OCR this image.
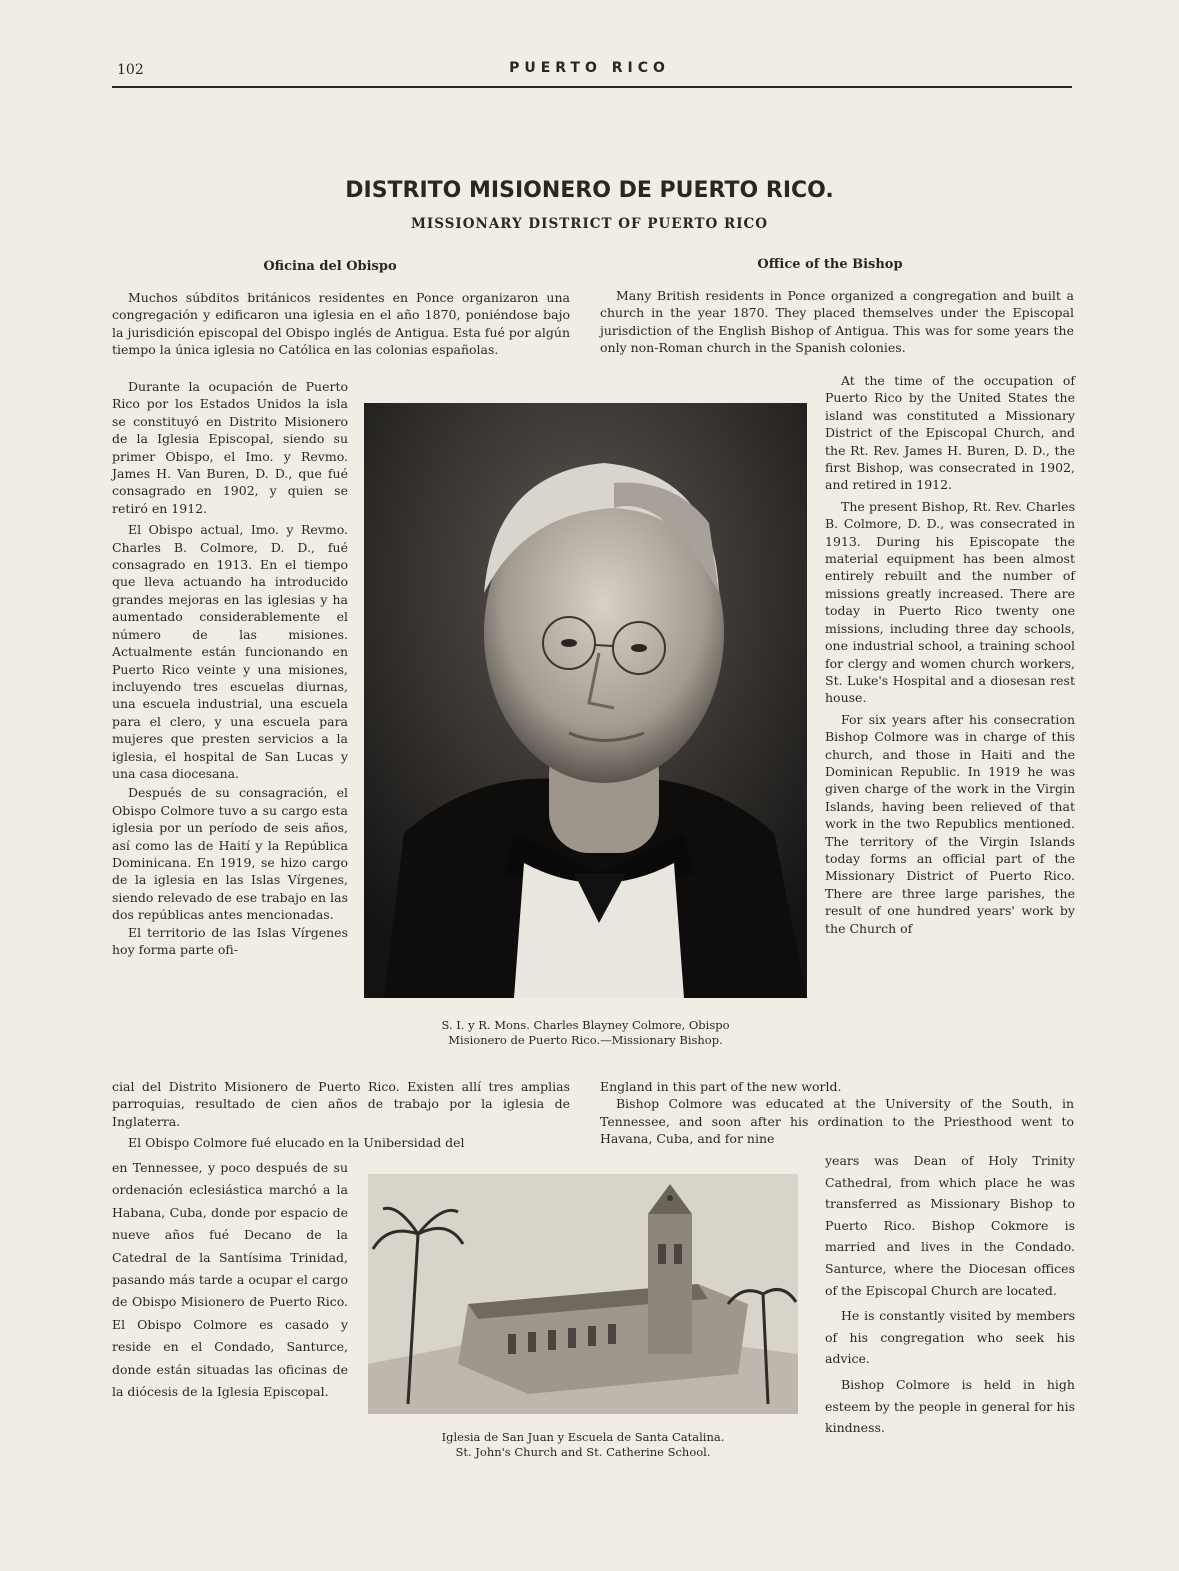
102	PUERTO RICO
DISTRITO MISIONERO DE PUERTO RICO.
MISSIONARY DISTRICT OF PUERTO RICO
Oficina del Obispo	Office of the Bishop

Muchos súbditos británicos residentes en Ponce organizaron una congregación y edificaron una iglesia en el año 1870, poniéndose bajo la jurisdición episcopal del Obispo inglés de Antigua. Esta fué por algún tiempo la única iglesia no Católica en las colonias españolas.

Durante la ocupación de Puerto Rico por los Estados Unidos la isla se constituyó en Distrito Misionero de la Iglesia Episcopal, siendo su primer Obispo, el Imo. y Revmo. James H. Van Buren, D. D., que fué consagrado en 1902, y quien se retiró en 1912.

El Obispo actual, Imo. y Revmo. Charles B. Colmore, D. D., fué consagrado en 1913. En el tiempo que lleva actuando ha introducido grandes mejoras en las iglesias y ha aumentado considerablemente el número de las misiones. Actualmente están funcionando en Puerto Rico veinte y una misiones, incluyendo tres escuelas diurnas, una escuela industrial, una escuela para el clero, y una escuela para mujeres que presten servicios a la iglesia, el hospital de San Lucas y una casa diocesana.

Después de su consagración, el Obispo Colmore tuvo a su cargo esta iglesia por un período de seis años, así como las de Haití y la República Dominicana. En 1919, se hizo cargo de la iglesia en las Islas Vírgenes, siendo relevado de ese trabajo en las dos repúblicas antes mencionadas.

El territorio de las Islas Vírgenes hoy forma parte ofi-

cial del Distrito Misionero de Puerto Rico. Existen allí tres amplias parroquias, resultado de cien años de trabajo por la iglesia de Inglaterra.

El Obispo Colmore fué elucado en la Unibersidad del

en Tennessee, y poco después de su ordenación eclesiástica marchó a la Habana, Cuba, donde por espacio de nueve años fué Decano de la Catedral de la Santísima Trinidad, pasando más tarde a ocupar el cargo de Obispo Misionero de Puerto Rico. El Obispo Colmore es casado y reside en el Condado, Santurce, donde están situadas las oficinas de la diócesis de la Iglesia Episcopal.

Many British residents in Ponce organized a congregation and built a church in the year 1870. They placed themselves under the Episcopal jurisdiction of the English Bishop of Antigua. This was for some years the only non-Roman church in the Spanish colonies.

At the time of the occupation of Puerto Rico by the United States the island was constituted a Missionary District of the Episcopal Church, and the Rt. Rev. James H. Buren, D. D., the first Bishop, was consecrated in 1902, and retired in 1912.

The present Bishop, Rt. Rev. Charles B. Colmore, D. D., was consecrated in 1913. During his Episcopate the material equipment has been almost entirely rebuilt and the number of missions greatly increased. There are today in Puerto Rico twenty one missions, including three day schools, one industrial school, a training school for clergy and women church workers, St. Luke's Hospital and a diosesan rest house.

For six years after his consecration Bishop Colmore was in charge of this church, and those in Haiti and the Dominican Republic. In 1919 he was given charge of the work in the Virgin Islands, having been relieved of that work in the two Republics mentioned. The territory of the Virgin Islands today forms an official part of the Missionary District of Puerto Rico. There are three large parishes, the result of one hundred years' work by the Church of

England in this part of the new world.

Bishop Colmore was educated at the University of the South, in Tennessee, and soon after his ordination to the Priesthood went to Havana, Cuba, and for nine

years was Dean of Holy Trinity Cathedral, from which place he was transferred as Missionary Bishop to Puerto Rico. Bishop Cokmore is married and lives in the Condado. Santurce, where the Diocesan offices of the Episcopal Church are located.

He is constantly visited by members of his congregation who seek his advice.

Bishop Colmore is held in high esteem by the people in general for his kindness.

S. I. y R. Mons. Charles Blayney Colmore, Obispo
Misionero de Puerto Rico.—Missionary Bishop.
Iglesia de San Juan y Escuela de Santa Catalina.
St. John's Church and St. Catherine School.
